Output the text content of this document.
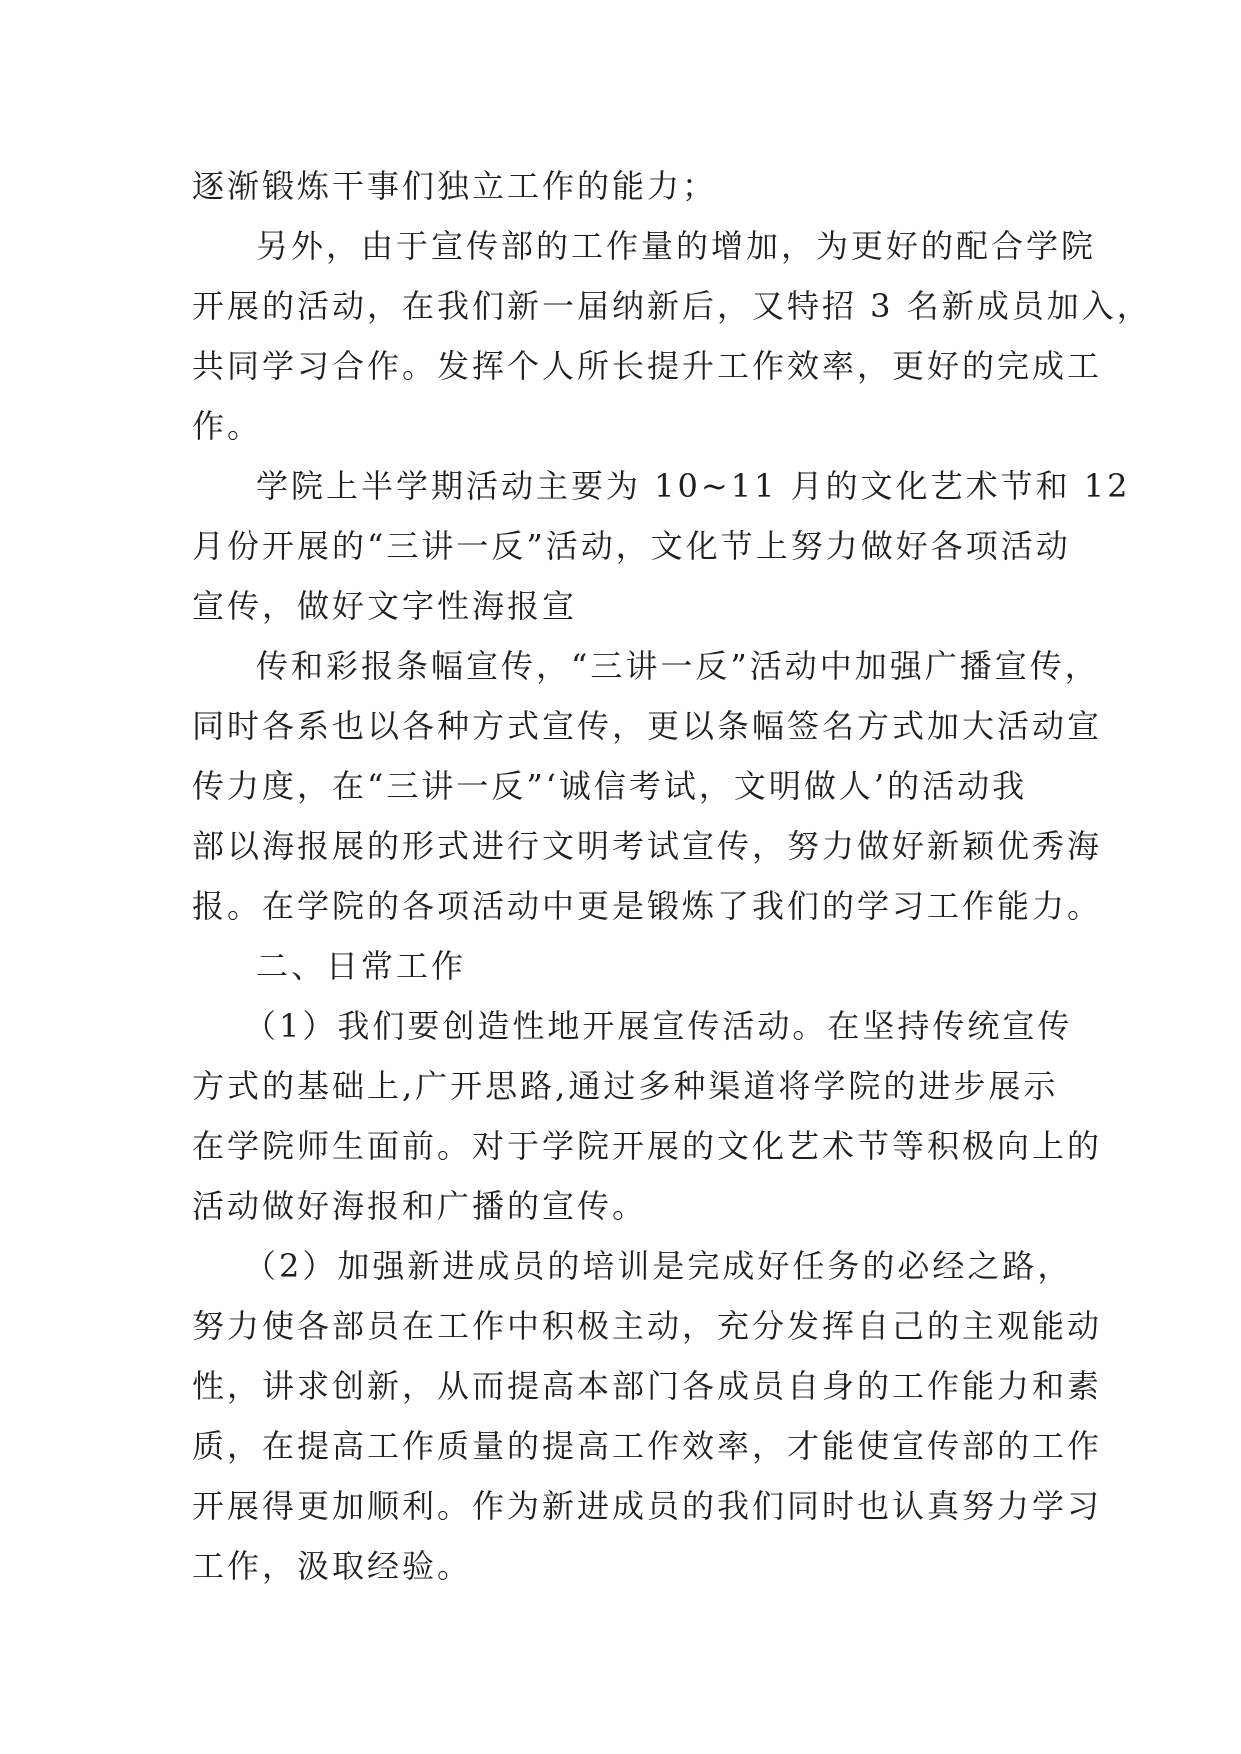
逐渐锻炼干事们独立工作的能力；
另外，由于宣传部的工作量的增加，为更好的配合学院
开展的活动，在我们新一届纳新后，又特招 3 名新成员加入，
共同学习合作。发挥个人所长提升工作效率，更好的完成工
作。
学院上半学期活动主要为 10~11 月的文化艺术节和 12
月份开展的“三讲一反”活动，文化节上努力做好各项活动
宣传，做好文字性海报宣
传和彩报条幅宣传，“三讲一反”活动中加强广播宣传，
同时各系也以各种方式宣传，更以条幅签名方式加大活动宣
传力度，在“三讲一反”‘诚信考试，文明做人’的活动我
部以海报展的形式进行文明考试宣传，努力做好新颖优秀海
报。在学院的各项活动中更是锻炼了我们的学习工作能力。
二、日常工作
（1）我们要创造性地开展宣传活动。在坚持传统宣传
方式的基础上,广开思路,通过多种渠道将学院的进步展示
在学院师生面前。对于学院开展的文化艺术节等积极向上的
活动做好海报和广播的宣传。
（2）加强新进成员的培训是完成好任务的必经之路，
努力使各部员在工作中积极主动，充分发挥自己的主观能动
性，讲求创新，从而提高本部门各成员自身的工作能力和素
质，在提高工作质量的提高工作效率，才能使宣传部的工作
开展得更加顺利。作为新进成员的我们同时也认真努力学习
工作，汲取经验。
